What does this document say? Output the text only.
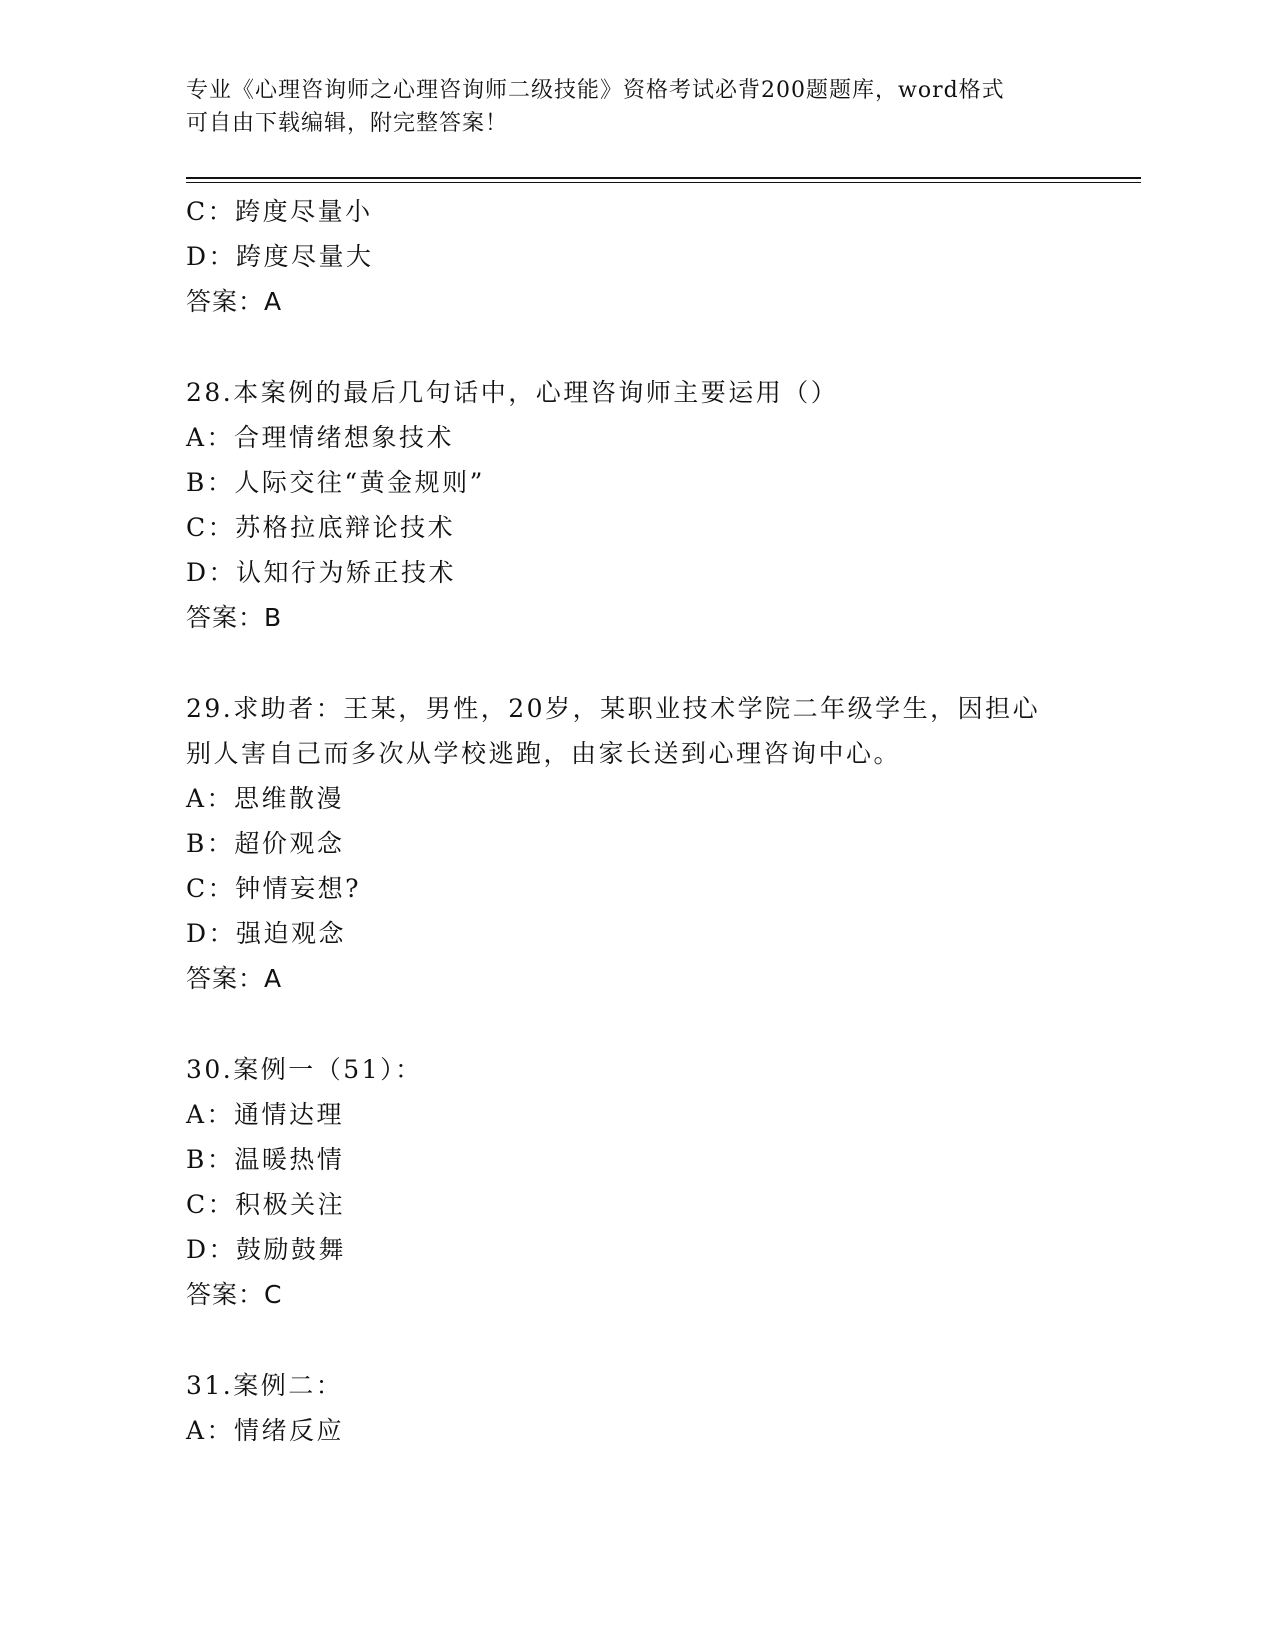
专业《心理咨询师之心理咨询师二级技能》资格考试必背200题题库，word格式
可自由下载编辑，附完整答案！
C：跨度尽量小
D：跨度尽量大
答案：A
28.本案例的最后几句话中，心理咨询师主要运用（）
A：合理情绪想象技术
B：人际交往“黄金规则”
C：苏格拉底辩论技术
D：认知行为矫正技术
答案：B
29.求助者：王某，男性，20岁，某职业技术学院二年级学生，因担心
别人害自己而多次从学校逃跑，由家长送到心理咨询中心。
A：思维散漫
B：超价观念
C：钟情妄想?
D：强迫观念
答案：A
30.案例一（51）：
A：通情达理
B：温暖热情
C：积极关注
D：鼓励鼓舞
答案：C
31.案例二：
A：情绪反应
